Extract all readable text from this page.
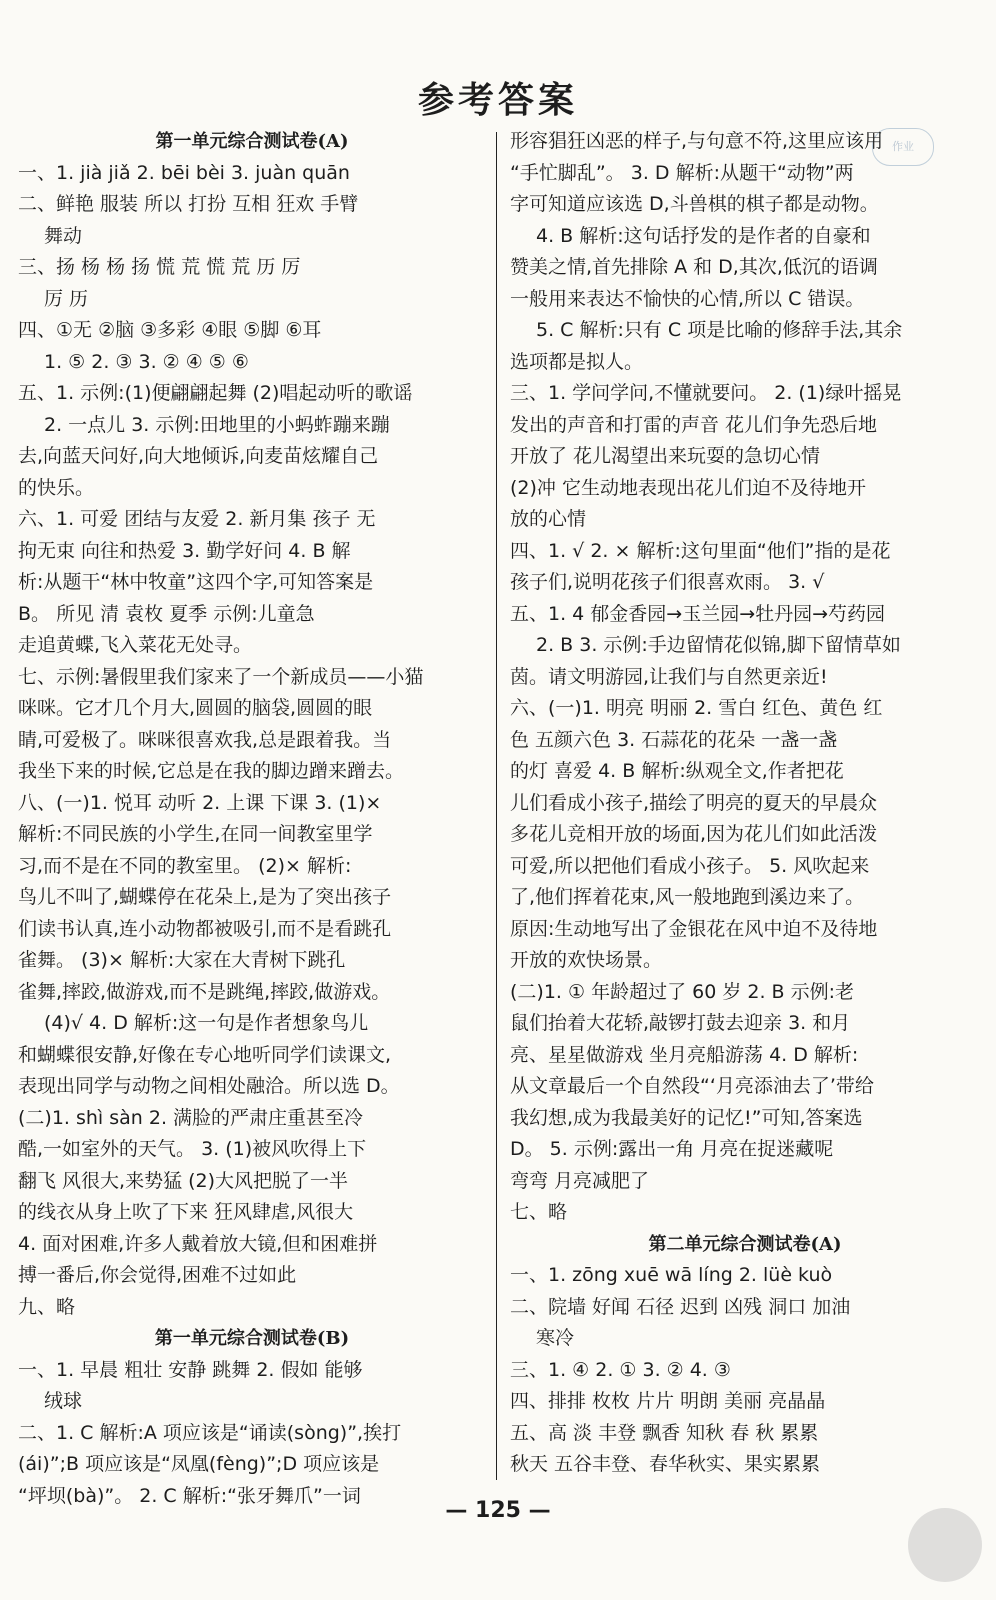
参考答案
作业

第一单元综合测试卷(A)

一、1. jià jiǎ 2. bēi bèi 3. juàn quān

二、鲜艳 服装 所以 打扮 互相 狂欢 手臂

舞动

三、扬 杨 杨 扬 慌 荒 慌 荒 历 厉

厉 历

四、①无 ②脑 ③多彩 ④眼 ⑤脚 ⑥耳

1. ⑤ 2. ③ 3. ② ④ ⑤ ⑥

五、1. 示例:(1)便翩翩起舞 (2)唱起动听的歌谣

2. 一点儿 3. 示例:田地里的小蚂蚱蹦来蹦

去,向蓝天问好,向大地倾诉,向麦苗炫耀自己

的快乐。

六、1. 可爱 团结与友爱 2. 新月集 孩子 无

拘无束 向往和热爱 3. 勤学好问 4. B 解

析:从题干“林中牧童”这四个字,可知答案是

B。 所见 清 袁枚 夏季 示例:儿童急

走追黄蝶,飞入菜花无处寻。

七、示例:暑假里我们家来了一个新成员——小猫

咪咪。它才几个月大,圆圆的脑袋,圆圆的眼

睛,可爱极了。咪咪很喜欢我,总是跟着我。当

我坐下来的时候,它总是在我的脚边蹭来蹭去。

八、(一)1. 悦耳 动听 2. 上课 下课 3. (1)×

解析:不同民族的小学生,在同一间教室里学

习,而不是在不同的教室里。 (2)× 解析:

鸟儿不叫了,蝴蝶停在花朵上,是为了突出孩子

们读书认真,连小动物都被吸引,而不是看跳孔

雀舞。 (3)× 解析:大家在大青树下跳孔

雀舞,摔跤,做游戏,而不是跳绳,摔跤,做游戏。

(4)√ 4. D 解析:这一句是作者想象鸟儿

和蝴蝶很安静,好像在专心地听同学们读课文,

表现出同学与动物之间相处融洽。所以选 D。

(二)1. shì sàn 2. 满脸的严肃庄重甚至冷

酷,一如室外的天气。 3. (1)被风吹得上下

翻飞 风很大,来势猛 (2)大风把脱了一半

的线衣从身上吹了下来 狂风肆虐,风很大

4. 面对困难,许多人戴着放大镜,但和困难拼

搏一番后,你会觉得,困难不过如此

九、略

第一单元综合测试卷(B)

一、1. 早晨 粗壮 安静 跳舞 2. 假如 能够

绒球

二、1. C 解析:A 项应该是“诵读(sòng)”,挨打

(ái)”;B 项应该是“凤凰(fèng)”;D 项应该是

“坪坝(bà)”。 2. C 解析:“张牙舞爪”一词

形容猖狂凶恶的样子,与句意不符,这里应该用

“手忙脚乱”。 3. D 解析:从题干“动物”两

字可知道应该选 D,斗兽棋的棋子都是动物。

4. B 解析:这句话抒发的是作者的自豪和

赞美之情,首先排除 A 和 D,其次,低沉的语调

一般用来表达不愉快的心情,所以 C 错误。

5. C 解析:只有 C 项是比喻的修辞手法,其余

选项都是拟人。

三、1. 学问学问,不懂就要问。 2. (1)绿叶摇晃

发出的声音和打雷的声音 花儿们争先恐后地

开放了 花儿渴望出来玩耍的急切心情

(2)冲 它生动地表现出花儿们迫不及待地开

放的心情

四、1. √ 2. × 解析:这句里面“他们”指的是花

孩子们,说明花孩子们很喜欢雨。 3. √

五、1. 4 郁金香园→玉兰园→牡丹园→芍药园

2. B 3. 示例:手边留情花似锦,脚下留情草如

茵。请文明游园,让我们与自然更亲近!

六、(一)1. 明亮 明丽 2. 雪白 红色、黄色 红

色 五颜六色 3. 石蒜花的花朵 一盏一盏

的灯 喜爱 4. B 解析:纵观全文,作者把花

儿们看成小孩子,描绘了明亮的夏天的早晨众

多花儿竞相开放的场面,因为花儿们如此活泼

可爱,所以把他们看成小孩子。 5. 风吹起来

了,他们挥着花束,风一般地跑到溪边来了。

原因:生动地写出了金银花在风中迫不及待地

开放的欢快场景。

(二)1. ① 年龄超过了 60 岁 2. B 示例:老

鼠们抬着大花轿,敲锣打鼓去迎亲 3. 和月

亮、星星做游戏 坐月亮船游荡 4. D 解析:

从文章最后一个自然段“‘月亮添油去了’带给

我幻想,成为我最美好的记忆!”可知,答案选

D。 5. 示例:露出一角 月亮在捉迷藏呢

弯弯 月亮减肥了

七、略

第二单元综合测试卷(A)

一、1. zōng xuē wā líng 2. lüè kuò

二、院墙 好闻 石径 迟到 凶残 洞口 加油

寒冷

三、1. ④ 2. ① 3. ② 4. ③

四、排排 枚枚 片片 明朗 美丽 亮晶晶

五、高 淡 丰登 飘香 知秋 春 秋 累累

秋天 五谷丰登、春华秋实、果实累累

— 125 —
